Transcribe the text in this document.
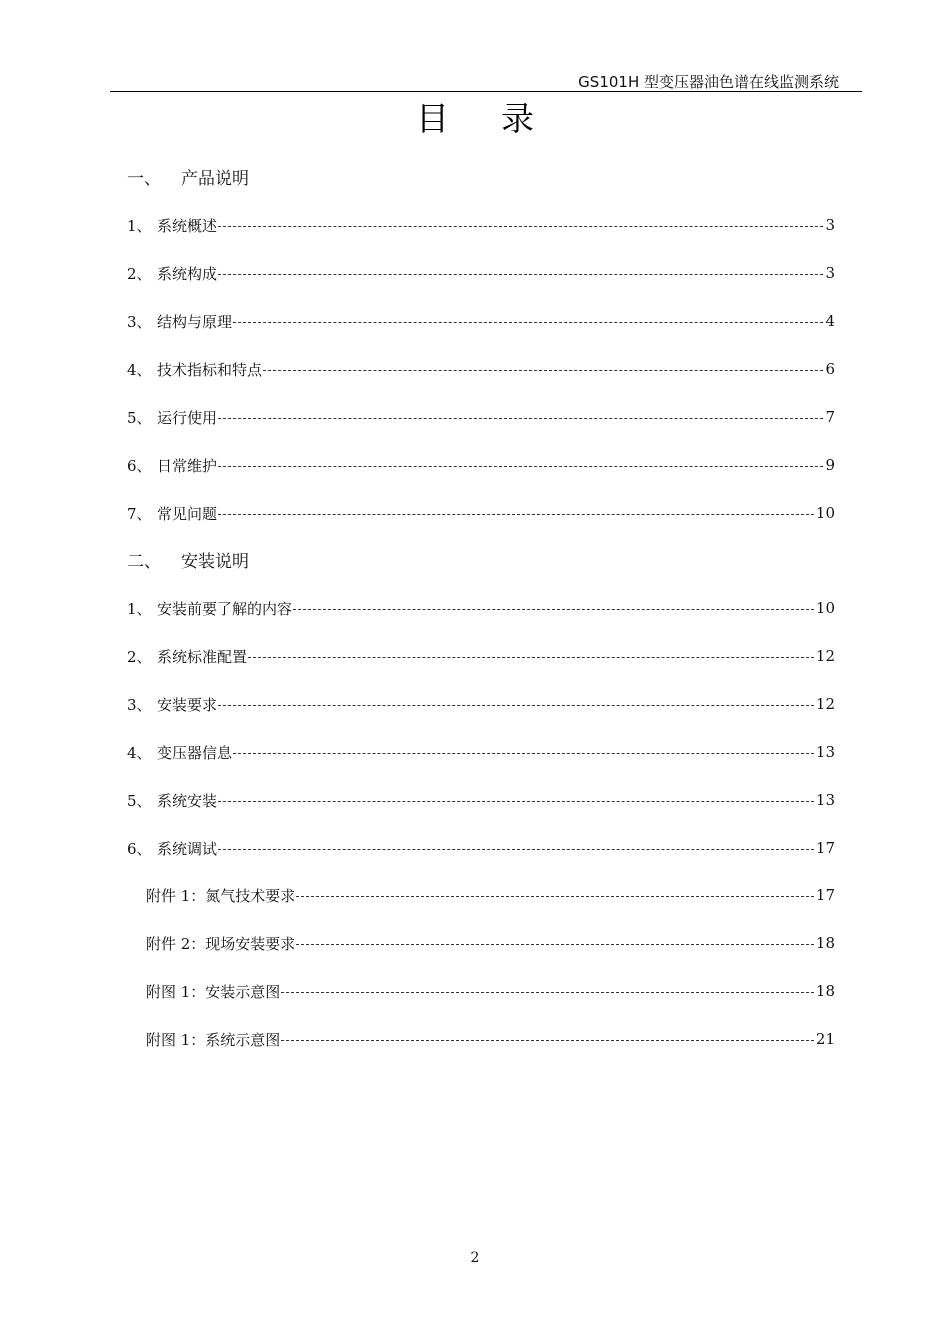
GS101H 型变压器油色谱在线监测系统
目录
一、 产品说明
1、 系统概述	3
2、 系统构成	3
3、 结构与原理	4
4、 技术指标和特点	6
5、 运行使用	7
6、 日常维护	9
7、 常见问题	10
二、 安装说明
1、 安装前要了解的内容	10
2、 系统标准配置	12
3、 安装要求	12
4、 变压器信息	13
5、 系统安装	13
6、 系统调试	17
附件 1：氮气技术要求	17
附件 2：现场安装要求	18
附图 1：安装示意图	18
附图 1：系统示意图	21
2
